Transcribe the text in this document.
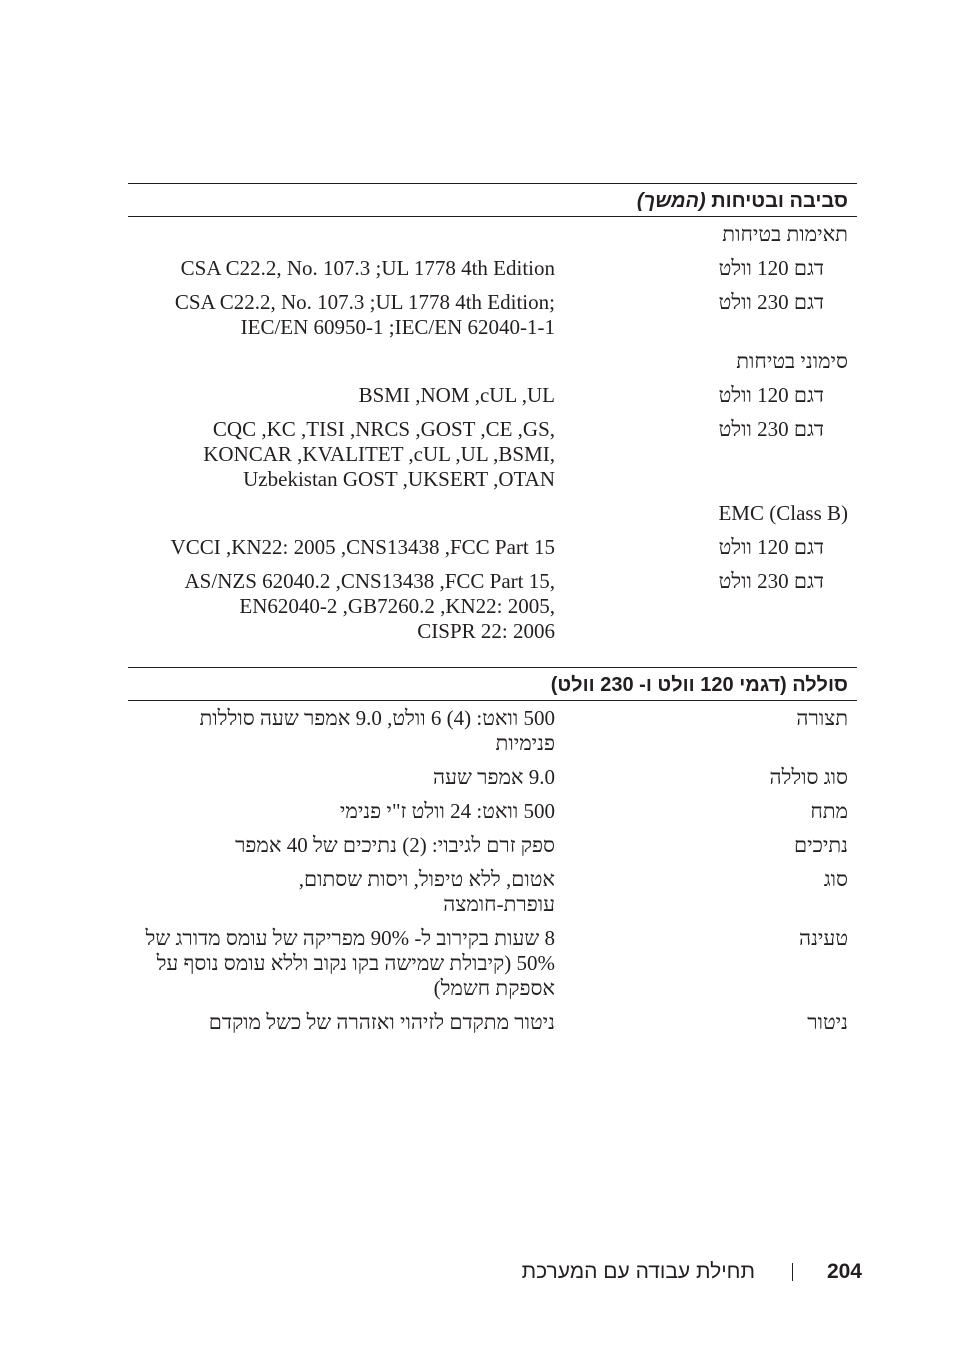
סביבה ובטיחות (המשך)
תאימות בטיחות
דגם 120 וולט
CSA C22.2, No. 107.3 ;UL 1778 4th Edition
דגם 230 וולט
;CSA C22.2, No. 107.3 ;UL 1778 4th Edition
IEC/EN 60950-1 ;IEC/EN 62040-1-1
סימוני בטיחות
דגם 120 וולט
BSMI ,NOM ,cUL ,UL
דגם 230 וולט
,CQC ,KC ,TISI ,NRCS ,GOST ,CE ,GS
,KONCAR ,KVALITET ,cUL ,UL ,BSMI
Uzbekistan GOST ,UKSERT ,OTAN
(Class B) EMC
דגם 120 וולט
VCCI ,KN22: 2005 ,CNS13438 ,FCC Part 15
דגם 230 וולט
,AS/NZS 62040.2 ,CNS13438 ,FCC Part 15
,EN62040-2 ,GB7260.2 ,KN22: 2005
CISPR 22: 2006
סוללה (דגמי 120 וולט ו- 230 וולט)
תצורה
500 וואט: (4) 6 וולט, 9.0 אמפר שעה סוללות
פנימיות
סוג סוללה
9.0 אמפר שעה
מתח
500 וואט: 24 וולט ז"י פנימי
נתיכים
ספק זרם לגיבוי: (2) נתיכים של 40 אמפר
סוג
אטום, ללא טיפול, ויסות שסתום,
עופרת-חומצה
טעינה
8 שעות בקירוב ל- 90% מפריקה של עומס מדורג של
50% (קיבולת שמישה בקו נקוב וללא עומס נוסף על
אספקת חשמל)
ניטור
ניטור מתקדם לזיהוי ואזהרה של כשל מוקדם
204
תחילת עבודה עם המערכת
